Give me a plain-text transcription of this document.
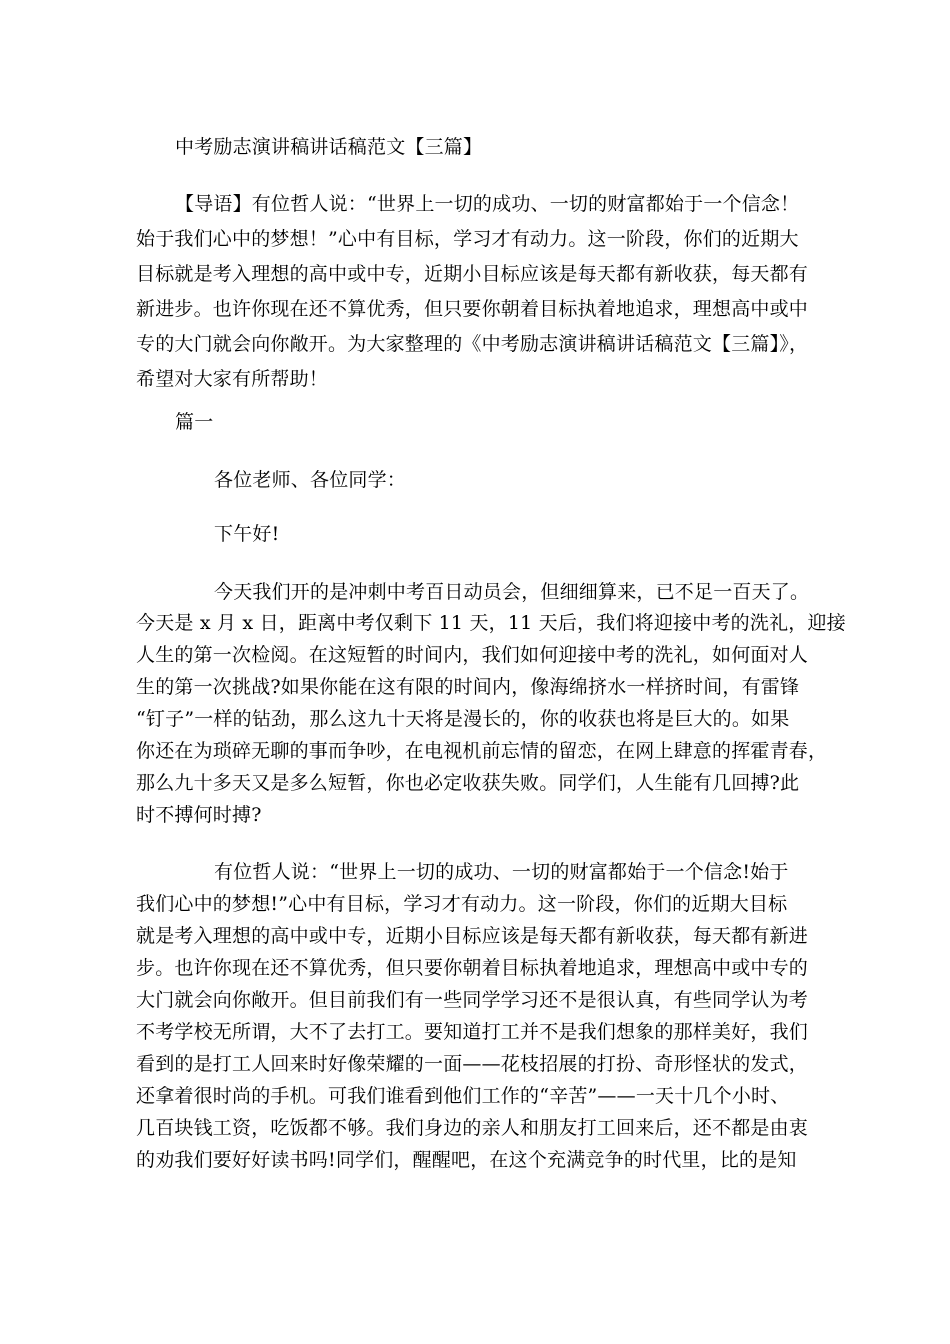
中考励志演讲稿讲话稿范文【三篇】
【导语】有位哲人说：“世界上一切的成功、一切的财富都始于一个信念！
始于我们心中的梦想！”心中有目标，学习才有动力。这一阶段，你们的近期大
目标就是考入理想的高中或中专，近期小目标应该是每天都有新收获，每天都有
新进步。也许你现在还不算优秀，但只要你朝着目标执着地追求，理想高中或中
专的大门就会向你敞开。为大家整理的《中考励志演讲稿讲话稿范文【三篇】》，
希望对大家有所帮助！
篇一
各位老师、各位同学：
下午好!
今天我们开的是冲刺中考百日动员会，但细细算来，已不足一百天了。
今天是 x 月 x 日，距离中考仅剩下 11 天，11 天后，我们将迎接中考的洗礼，迎接
人生的第一次检阅。在这短暂的时间内，我们如何迎接中考的洗礼，如何面对人
生的第一次挑战?如果你能在这有限的时间内，像海绵挤水一样挤时间，有雷锋
“钉子”一样的钻劲，那么这九十天将是漫长的，你的收获也将是巨大的。如果
你还在为琐碎无聊的事而争吵，在电视机前忘情的留恋，在网上肆意的挥霍青春，
那么九十多天又是多么短暂，你也必定收获失败。同学们，人生能有几回搏?此
时不搏何时搏?
有位哲人说：“世界上一切的成功、一切的财富都始于一个信念!始于
我们心中的梦想!”心中有目标，学习才有动力。这一阶段，你们的近期大目标
就是考入理想的高中或中专，近期小目标应该是每天都有新收获，每天都有新进
步。也许你现在还不算优秀，但只要你朝着目标执着地追求，理想高中或中专的
大门就会向你敞开。但目前我们有一些同学学习还不是很认真，有些同学认为考
不考学校无所谓，大不了去打工。要知道打工并不是我们想象的那样美好，我们
看到的是打工人回来时好像荣耀的一面——花枝招展的打扮、奇形怪状的发式，
还拿着很时尚的手机。可我们谁看到他们工作的“辛苦”——一天十几个小时、
几百块钱工资，吃饭都不够。我们身边的亲人和朋友打工回来后，还不都是由衷
的劝我们要好好读书吗!同学们，醒醒吧，在这个充满竞争的时代里，比的是知
